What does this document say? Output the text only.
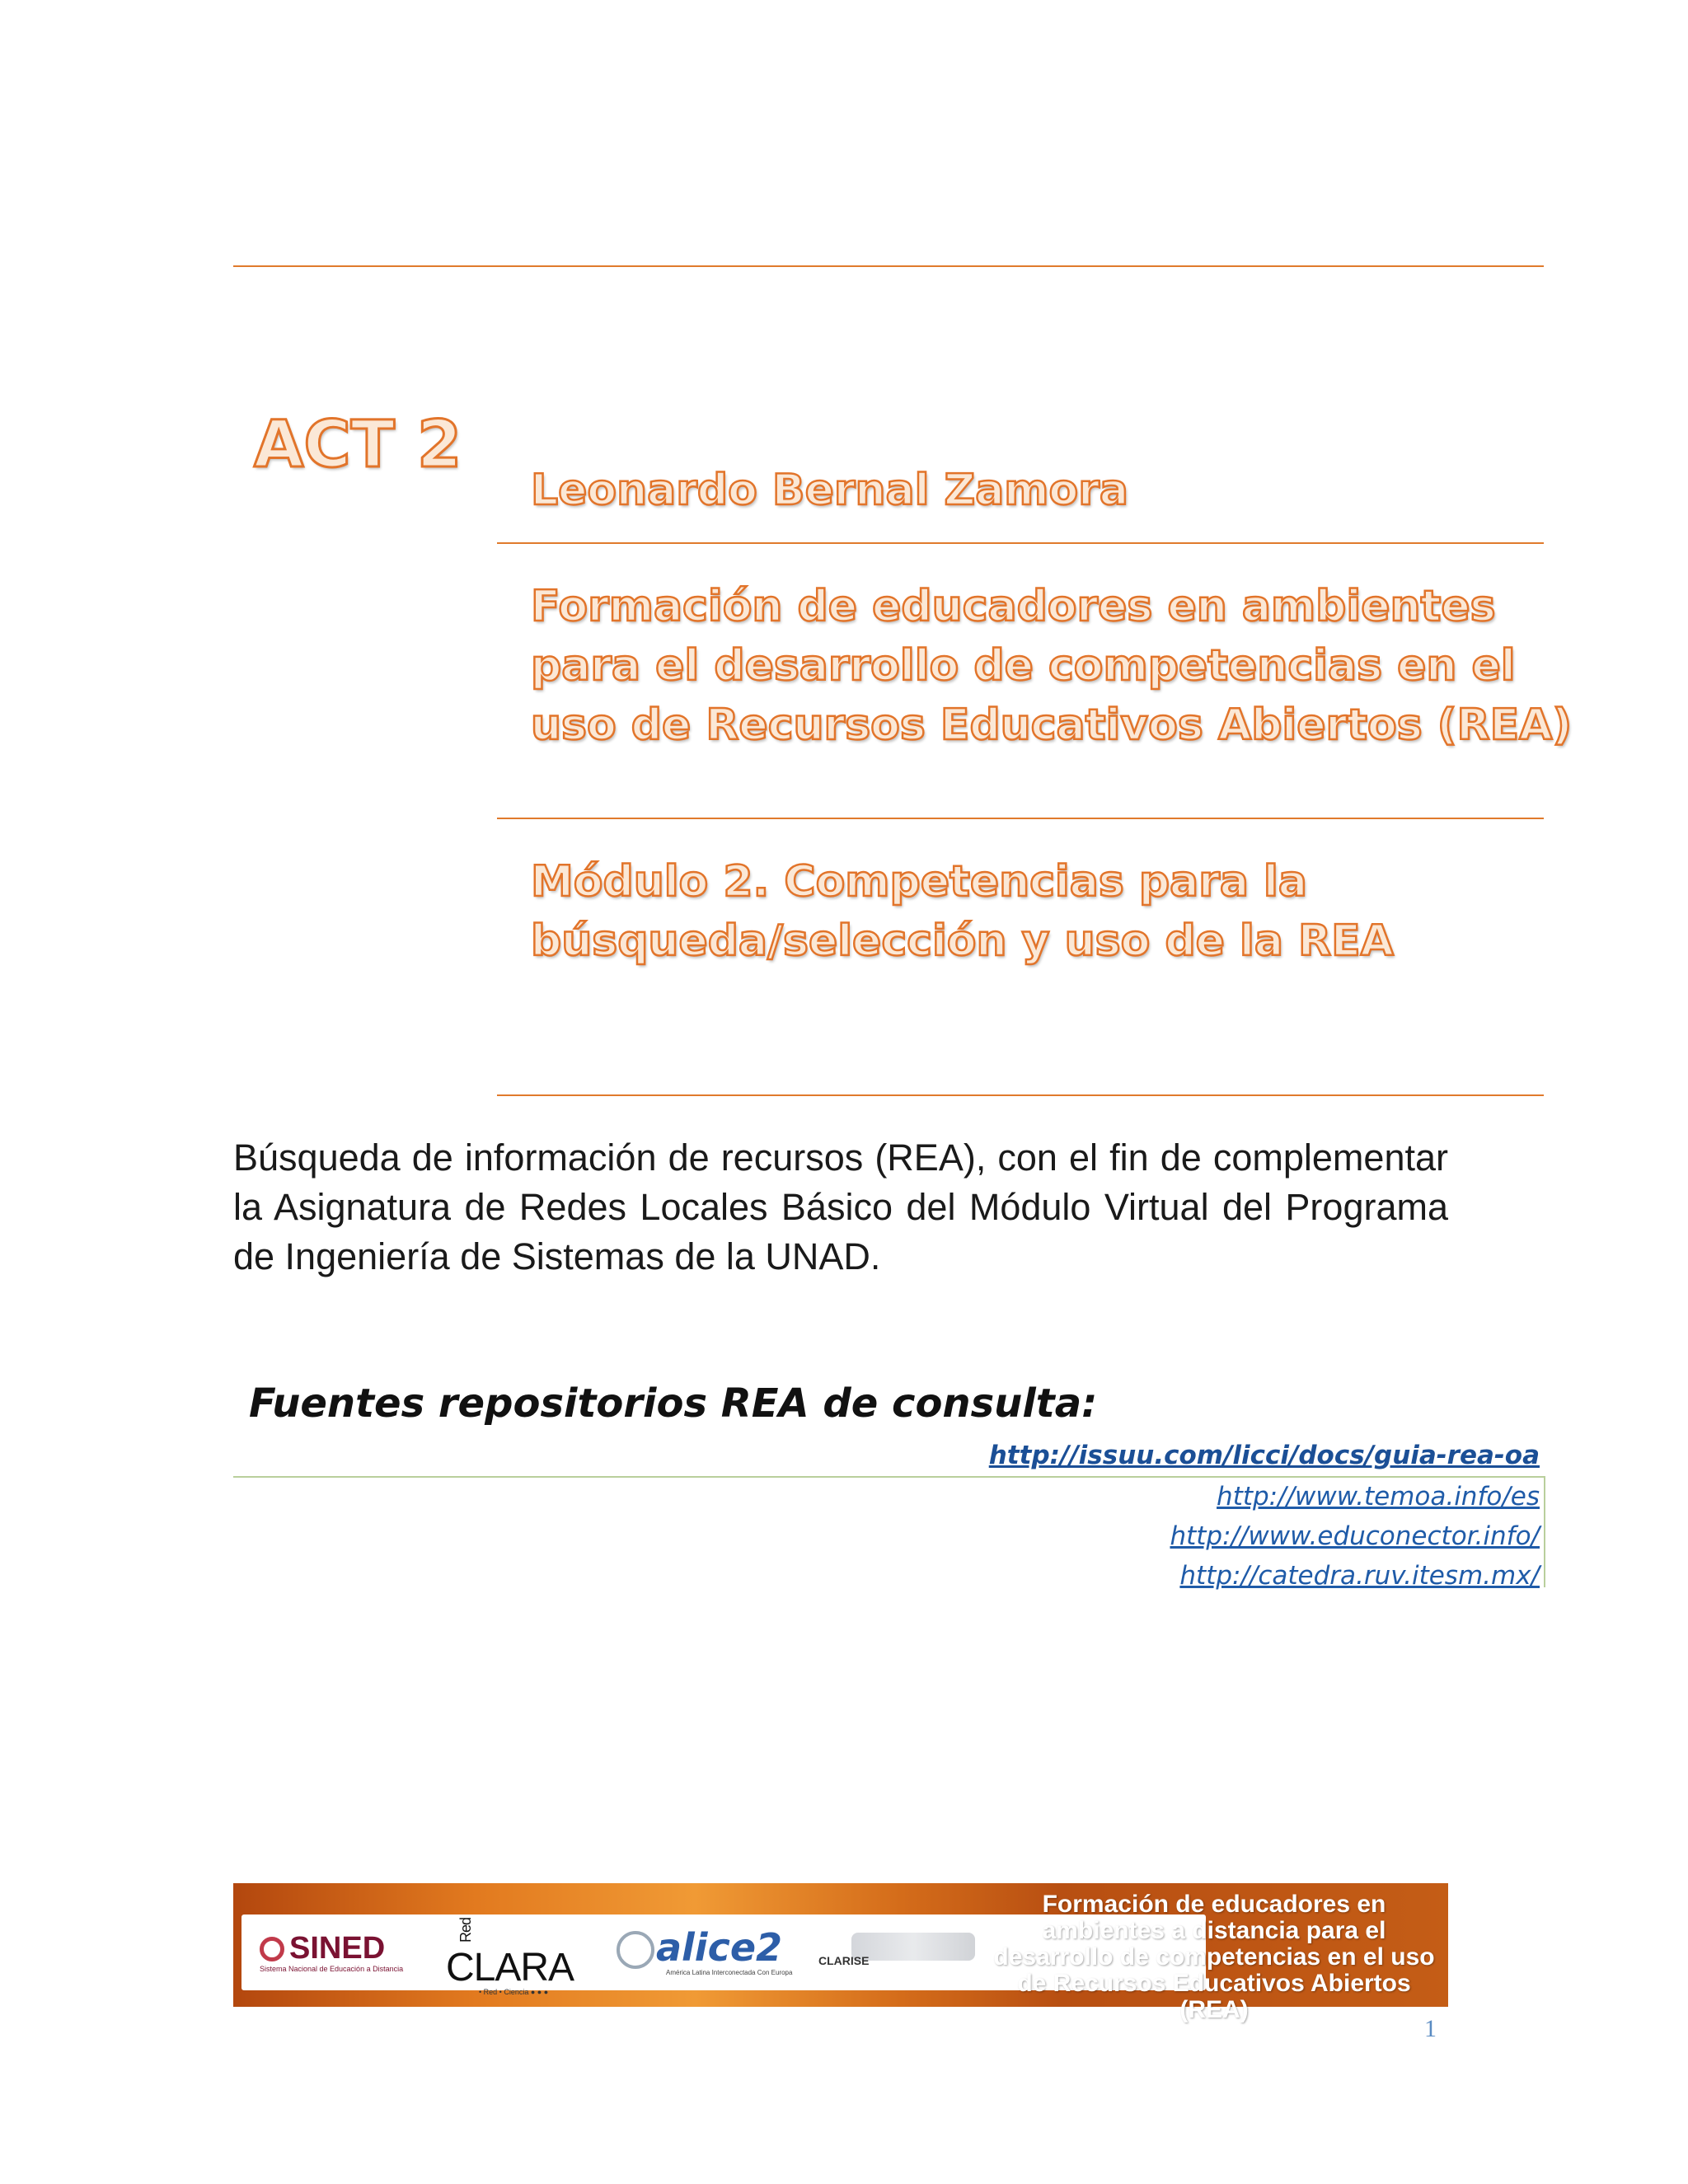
ACT 2
Leonardo Bernal Zamora
Formación de educadores en ambientes
para el desarrollo de competencias en el
uso de Recursos Educativos Abiertos (REA)
Módulo 2. Competencias para la
búsqueda/selección y uso de la REA

Búsqueda de información de recursos (REA), con el fin de complementar la Asignatura de Redes Locales Básico del Módulo Virtual del Programa de Ingeniería de Sistemas de la UNAD.

Fuentes repositorios REA de consulta:
http://issuu.com/licci/docs/guia-rea-oa
http://www.temoa.info/es
http://www.educonector.info/
http://catedra.ruv.itesm.mx/
SINED
Sistema Nacional de Educación a Distancia
RedCLARA
• Red • Ciencia ● ● ●
alice2
América Latina Interconectada Con Europa
CLARISE
Formación de educadores en ambientes a distancia para el desarrollo de competencias en el uso de Recursos Educativos Abiertos (REA)
1
